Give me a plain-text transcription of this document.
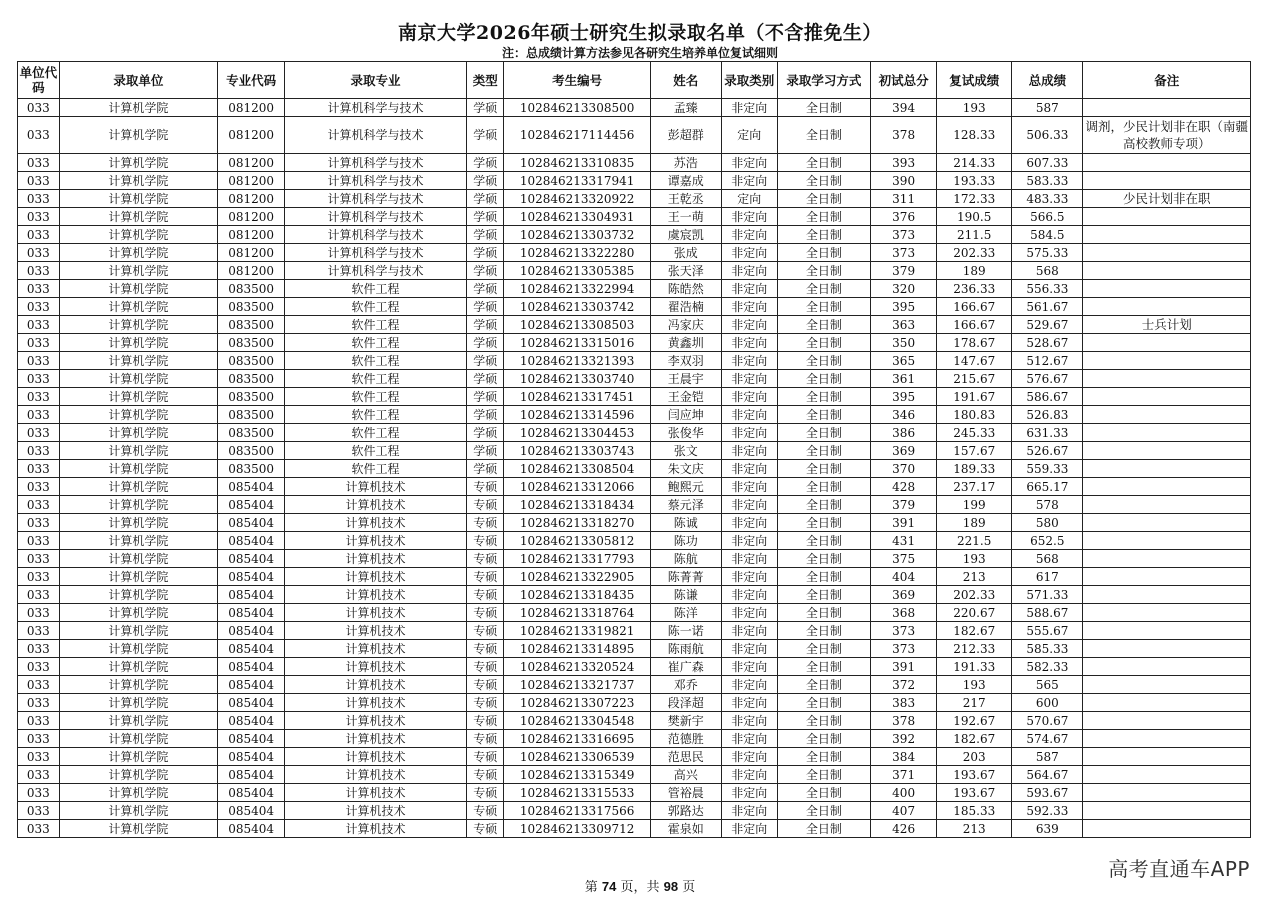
南京大学2026年硕士研究生拟录取名单（不含推免生）
注：总成绩计算方法参见各研究生培养单位复试细则
单位代码	录取单位	专业代码	录取专业	类型	考生编号	姓名	录取类别	录取学习方式	初试总分	复试成绩	总成绩	备注
033	计算机学院	081200	计算机科学与技术	学硕	102846213308500	孟臻	非定向	全日制	394	193	587	
033	计算机学院	081200	计算机科学与技术	学硕	102846217114456	彭超群	定向	全日制	378	128.33	506.33	调剂，少民计划非在职（南疆高校教师专项）
033	计算机学院	081200	计算机科学与技术	学硕	102846213310835	苏浩	非定向	全日制	393	214.33	607.33	
033	计算机学院	081200	计算机科学与技术	学硕	102846213317941	谭嘉成	非定向	全日制	390	193.33	583.33	
033	计算机学院	081200	计算机科学与技术	学硕	102846213320922	王乾丞	定向	全日制	311	172.33	483.33	少民计划非在职
033	计算机学院	081200	计算机科学与技术	学硕	102846213304931	王一萌	非定向	全日制	376	190.5	566.5	
033	计算机学院	081200	计算机科学与技术	学硕	102846213303732	虞宸凯	非定向	全日制	373	211.5	584.5	
033	计算机学院	081200	计算机科学与技术	学硕	102846213322280	张成	非定向	全日制	373	202.33	575.33	
033	计算机学院	081200	计算机科学与技术	学硕	102846213305385	张天泽	非定向	全日制	379	189	568	
033	计算机学院	083500	软件工程	学硕	102846213322994	陈皓然	非定向	全日制	320	236.33	556.33	
033	计算机学院	083500	软件工程	学硕	102846213303742	翟浩楠	非定向	全日制	395	166.67	561.67	
033	计算机学院	083500	软件工程	学硕	102846213308503	冯家庆	非定向	全日制	363	166.67	529.67	士兵计划
033	计算机学院	083500	软件工程	学硕	102846213315016	黄鑫圳	非定向	全日制	350	178.67	528.67	
033	计算机学院	083500	软件工程	学硕	102846213321393	李双羽	非定向	全日制	365	147.67	512.67	
033	计算机学院	083500	软件工程	学硕	102846213303740	王晨宇	非定向	全日制	361	215.67	576.67	
033	计算机学院	083500	软件工程	学硕	102846213317451	王金铠	非定向	全日制	395	191.67	586.67	
033	计算机学院	083500	软件工程	学硕	102846213314596	闫应坤	非定向	全日制	346	180.83	526.83	
033	计算机学院	083500	软件工程	学硕	102846213304453	张俊华	非定向	全日制	386	245.33	631.33	
033	计算机学院	083500	软件工程	学硕	102846213303743	张文	非定向	全日制	369	157.67	526.67	
033	计算机学院	083500	软件工程	学硕	102846213308504	朱文庆	非定向	全日制	370	189.33	559.33	
033	计算机学院	085404	计算机技术	专硕	102846213312066	鲍熙元	非定向	全日制	428	237.17	665.17	
033	计算机学院	085404	计算机技术	专硕	102846213318434	蔡元泽	非定向	全日制	379	199	578	
033	计算机学院	085404	计算机技术	专硕	102846213318270	陈诚	非定向	全日制	391	189	580	
033	计算机学院	085404	计算机技术	专硕	102846213305812	陈功	非定向	全日制	431	221.5	652.5	
033	计算机学院	085404	计算机技术	专硕	102846213317793	陈航	非定向	全日制	375	193	568	
033	计算机学院	085404	计算机技术	专硕	102846213322905	陈菁菁	非定向	全日制	404	213	617	
033	计算机学院	085404	计算机技术	专硕	102846213318435	陈谦	非定向	全日制	369	202.33	571.33	
033	计算机学院	085404	计算机技术	专硕	102846213318764	陈洋	非定向	全日制	368	220.67	588.67	
033	计算机学院	085404	计算机技术	专硕	102846213319821	陈一诺	非定向	全日制	373	182.67	555.67	
033	计算机学院	085404	计算机技术	专硕	102846213314895	陈雨航	非定向	全日制	373	212.33	585.33	
033	计算机学院	085404	计算机技术	专硕	102846213320524	崔广森	非定向	全日制	391	191.33	582.33	
033	计算机学院	085404	计算机技术	专硕	102846213321737	邓乔	非定向	全日制	372	193	565	
033	计算机学院	085404	计算机技术	专硕	102846213307223	段泽超	非定向	全日制	383	217	600	
033	计算机学院	085404	计算机技术	专硕	102846213304548	樊新宇	非定向	全日制	378	192.67	570.67	
033	计算机学院	085404	计算机技术	专硕	102846213316695	范德胜	非定向	全日制	392	182.67	574.67	
033	计算机学院	085404	计算机技术	专硕	102846213306539	范思民	非定向	全日制	384	203	587	
033	计算机学院	085404	计算机技术	专硕	102846213315349	高兴	非定向	全日制	371	193.67	564.67	
033	计算机学院	085404	计算机技术	专硕	102846213315533	管裕晨	非定向	全日制	400	193.67	593.67	
033	计算机学院	085404	计算机技术	专硕	102846213317566	郭路达	非定向	全日制	407	185.33	592.33	
033	计算机学院	085404	计算机技术	专硕	102846213309712	霍泉如	非定向	全日制	426	213	639	
第 74 页，共 98 页
高考直通车APP
